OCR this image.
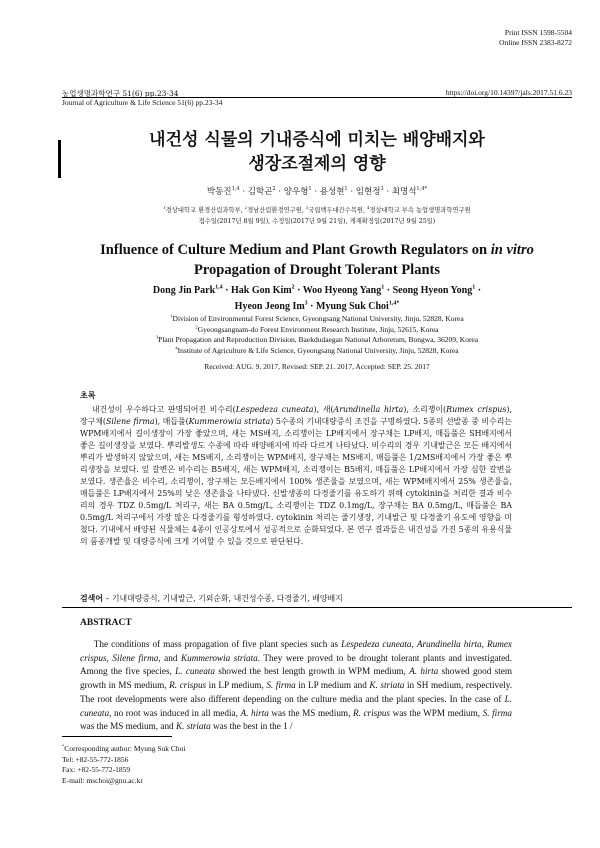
Print ISSN 1598-5504
Online ISSN 2383-8272
농업생명과학연구 51(6) pp.23-34	https://doi.org/10.14397/jals.2017.51.6.23
Journal of Agriculture & Life Science 51(6) pp.23-34
내건성 식물의 기내증식에 미치는 배양배지와
생장조절제의 영향
박동진$^{1,4}$ · 김학곤$^2$ · 양우형$^1$ · 용성현$^1$ · 임현정$^3$ · 최명석$^{1,4*}$
$^1$경상대학교 환경산림과학부, $^2$경남산림환경연구원, $^3$국립백두대간수목원, $^4$경상대학교 부속 농업생명과학연구원
접수일(2017년 8월 9일), 수정일(2017년 9월 21일), 게재확정일(2017년 9월 25일)
Influence of Culture Medium and Plant Growth Regulators on in vitro
Propagation of Drought Tolerant Plants
Dong Jin Park$^{1,4}$ · Hak Gon Kim$^2$ · Woo Hyeong Yang$^1$ · Seong Hyeon Yong$^1$ ·
Hyeon Jeong $Im^3$ · Myung Suk Choi$^{1,4*}$
$^1$Division of Environmental Forest Science, Gyeongsang National University, Jinju, 52828, Korea
$^2$Gyeongsangnam-do Forest Environment Research Institute, Jinju, 52615, Korea
$^3$Plant Propagation and Reproduction Division, Baekdudaegan National Arboretum, Bongwa, 36209, Korea
$^4$Institute of Agriculture & Life Science, Gyeongsang National University, Jinju, 52828, Korea
Received: AUG. 9. 2017, Revised: SEP. 21. 2017, Accepted: SEP. 25. 2017
초록
내건성이 우수하다고 판명되어진 비수리(Lespedeza cuneata), 새(Arundinella hirta), 소리쟁이(Rumex crispus), 장구채(Silene firma), 매듭풀(Kummerowia striata) 5수종의 기내대량증식 조건을 구명하였다. 5종의 선발종 중 비수리는 WPM배지에서 길이생장이 가장 좋았으며, 새는 MS배지, 소리쟁이는 LP배지에서 장구채는 LP배지, 매듭풀은 SH배지에서 좋은 길이생장을 보였다. 뿌리발생도 수종에 따라 배양배지에 따라 다르게 나타났다. 비수리의 경우 기내발근은 모든 배지에서 뿌리가 발생하지 않았으며, 새는 MS배지, 소리쟁이는 WPM배지, 장구채는 MS배지, 매듭풀은 1/2MS배지에서 가장 좋은 뿌리생장을 보였다. 잎 갈변은 비수리는 B5배지, 새는 WPM배지, 소리쟁이는 B5배지, 매듭풀은 LP배지에서 가장 심한 갈변을 보였다. 생존율은 비수리, 소리쟁이, 장구채는 모든배지에서 100% 생존율을 보였으며, 새는 WPM배지에서 25% 생존율을, 매듭풀은 LP배지에서 25%의 낮은 생존율을 나타냈다. 신발생종의 다경줄기를 유도하기 위해 cytokinin을 처리한 결과 비수리의 경우 TDZ 0.5mg/L 처리구, 새는 BA 0.5mg/L, 소리쟁이는 TDZ 0.1mg/L, 장구채는 BA 0.5mg/L, 매듭풀은 BA 0.5mg/L 처리구에서 가장 많은 다경줄기를 형성하였다. cytokinin 처리는 줄기생장, 기내발근 및 다경줄기 유도에 영향을 미쳤다. 기내에서 배양된 식물체는 4종이 인공상토에서 성공적으로 순화되었다. 본 연구 결과들은 내건성을 가진 5종의 유용식물의 품종개발 및 대량증식에 크게 기여할 수 있을 것으로 판단된다.
검색어 – 기내대량증식, 기내발근, 기외순화, 내건성수종, 다경줄기, 배양배지
ABSTRACT
The conditions of mass propagation of five plant species such as Lespedeza cuneata, Arundinella hirta, Rumex crispus, Silene firma, and Kummerowia striata. They were proved to be drought tolerant plants and investigated. Among the five species, L. cuneata showed the best length growth in WPM medium, A. hirta showed good stem growth in MS medium, R. crispus in LP medium, S. firma in LP medium and K. striata in SH medium, respectively. The root developments were also different depending on the culture media and the plant species. In the case of L. cuneata, no root was induced in all media, A. hirta was the MS medium, R. crispus was the WPM medium, S. firma was the MS medium, and K. striata was the best in the 1 /
*Corresponding author: Myung Suk Choi
Tel: +82-55-772-1856
Fax: +82-55-772-1859
E-mail: mschoi@gnu.ac.kr
